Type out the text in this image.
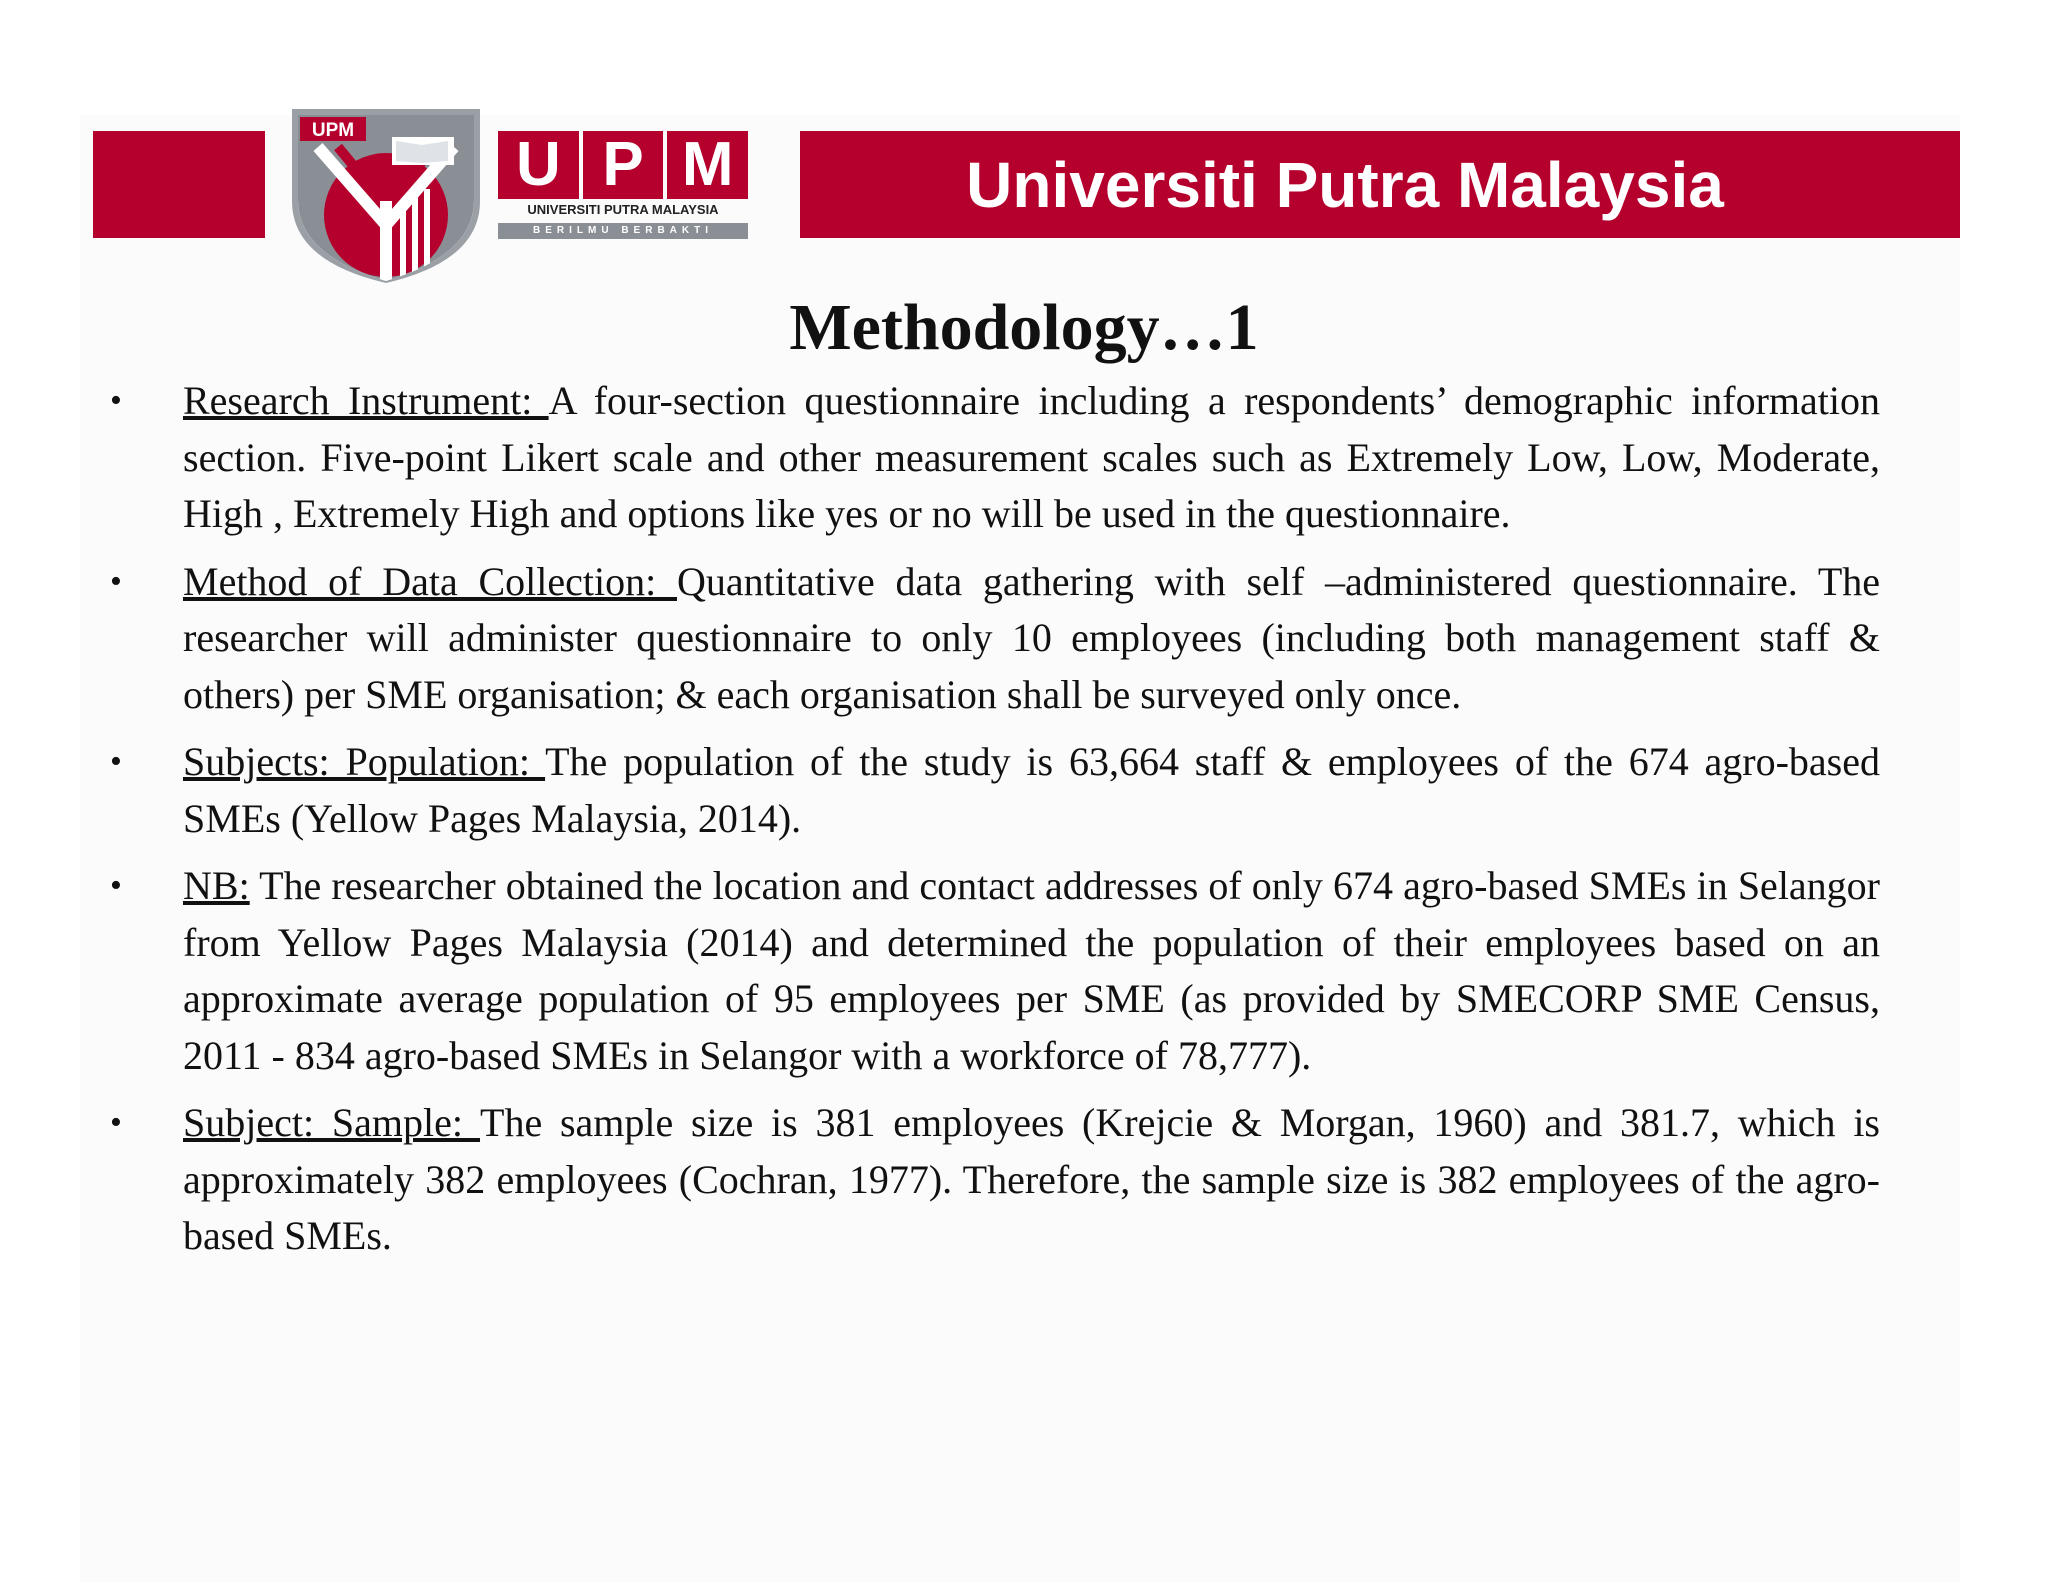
UPM	U P M
UNIVERSITI PUTRA MALAYSIA
BERILMU BERBAKTI
Universiti Putra Malaysia
Methodology…1
• Research Instrument: A four-section questionnaire including a respondents’ demographic information section. Five-point Likert scale and other measurement scales such as Extremely Low, Low, Moderate, High , Extremely High and options like yes or no will be used in the questionnaire.
• Method of Data Collection: Quantitative data gathering with self –administered questionnaire. The researcher will administer questionnaire to only 10 employees (including both management staff & others) per SME organisation; & each organisation shall be surveyed only once.
• Subjects: Population: The population of the study is 63,664 staff & employees of the 674 agro-based SMEs (Yellow Pages Malaysia, 2014).
• NB: The researcher obtained the location and contact addresses of only 674 agro-based SMEs in Selangor from Yellow Pages Malaysia (2014) and determined the population of their employees based on an approximate average population of 95 employees per SME (as provided by SMECORP SME Census, 2011 - 834 agro-based SMEs in Selangor with a workforce of 78,777).
• Subject: Sample: The sample size is 381 employees (Krejcie & Morgan, 1960) and 381.7, which is approximately 382 employees (Cochran, 1977). Therefore, the sample size is 382 employees of the agro-based SMEs.
